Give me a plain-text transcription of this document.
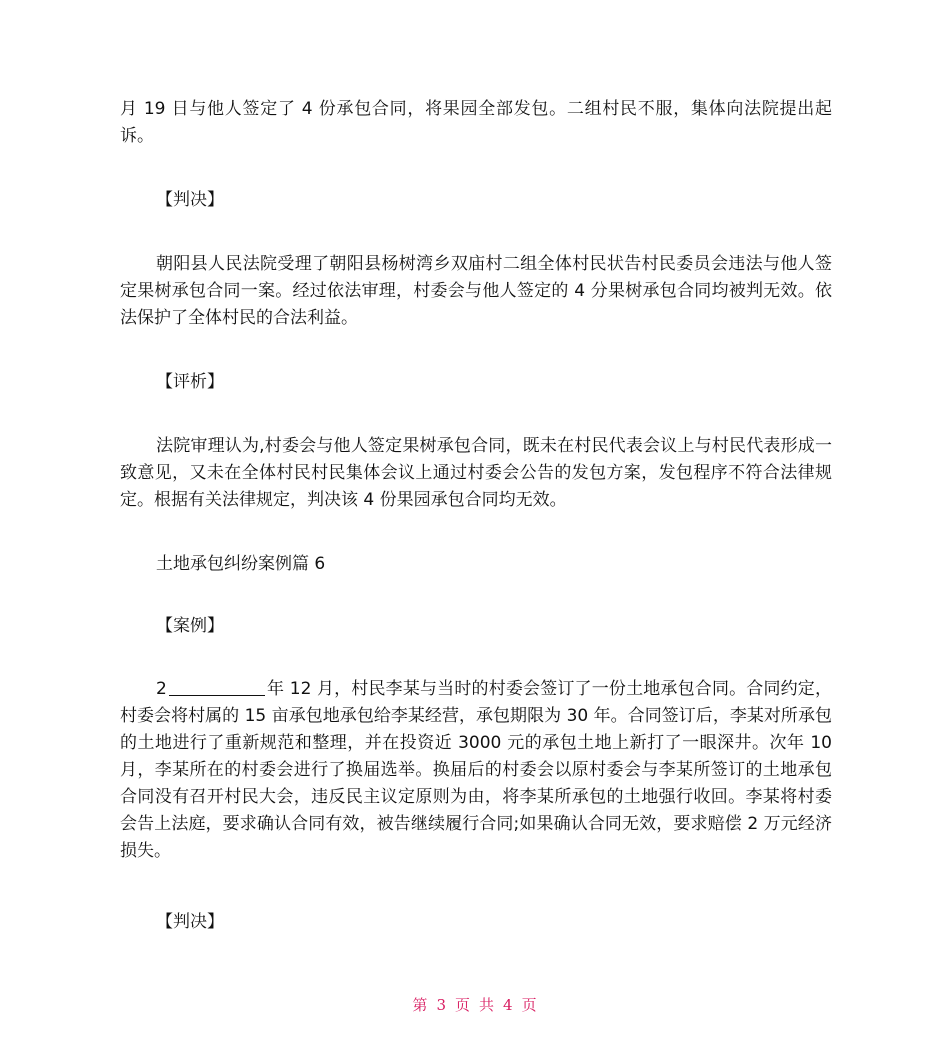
月 19 日与他人签定了 4 份承包合同，将果园全部发包。二组村民不服，集体向法院提出起诉。

【判决】

朝阳县人民法院受理了朝阳县杨树湾乡双庙村二组全体村民状告村民委员会违法与他人签定果树承包合同一案。经过依法审理，村委会与他人签定的 4 分果树承包合同均被判无效。依法保护了全体村民的合法利益。

【评析】

法院审理认为,村委会与他人签定果树承包合同，既未在村民代表会议上与村民代表形成一致意见，又未在全体村民村民集体会议上通过村委会公告的发包方案，发包程序不符合法律规定。根据有关法律规定，判决该 4 份果园承包合同均无效。

土地承包纠纷案例篇 6

【案例】

2	年 12 月，村民李某与当时的村委会签订了一份土地承包合同。合同约定，村委会将村属的 15 亩承包地承包给李某经营，承包期限为 30 年。合同签订后，李某对所承包的土地进行了重新规范和整理，并在投资近 3000 元的承包土地上新打了一眼深井。次年 10 月，李某所在的村委会进行了换届选举。换届后的村委会以原村委会与李某所签订的土地承包合同没有召开村民大会，违反民主议定原则为由，将李某所承包的土地强行收回。李某将村委会告上法庭，要求确认合同有效，被告继续履行合同;如果确认合同无效，要求赔偿 2 万元经济损失。

【判决】

第 3 页 共 4 页
